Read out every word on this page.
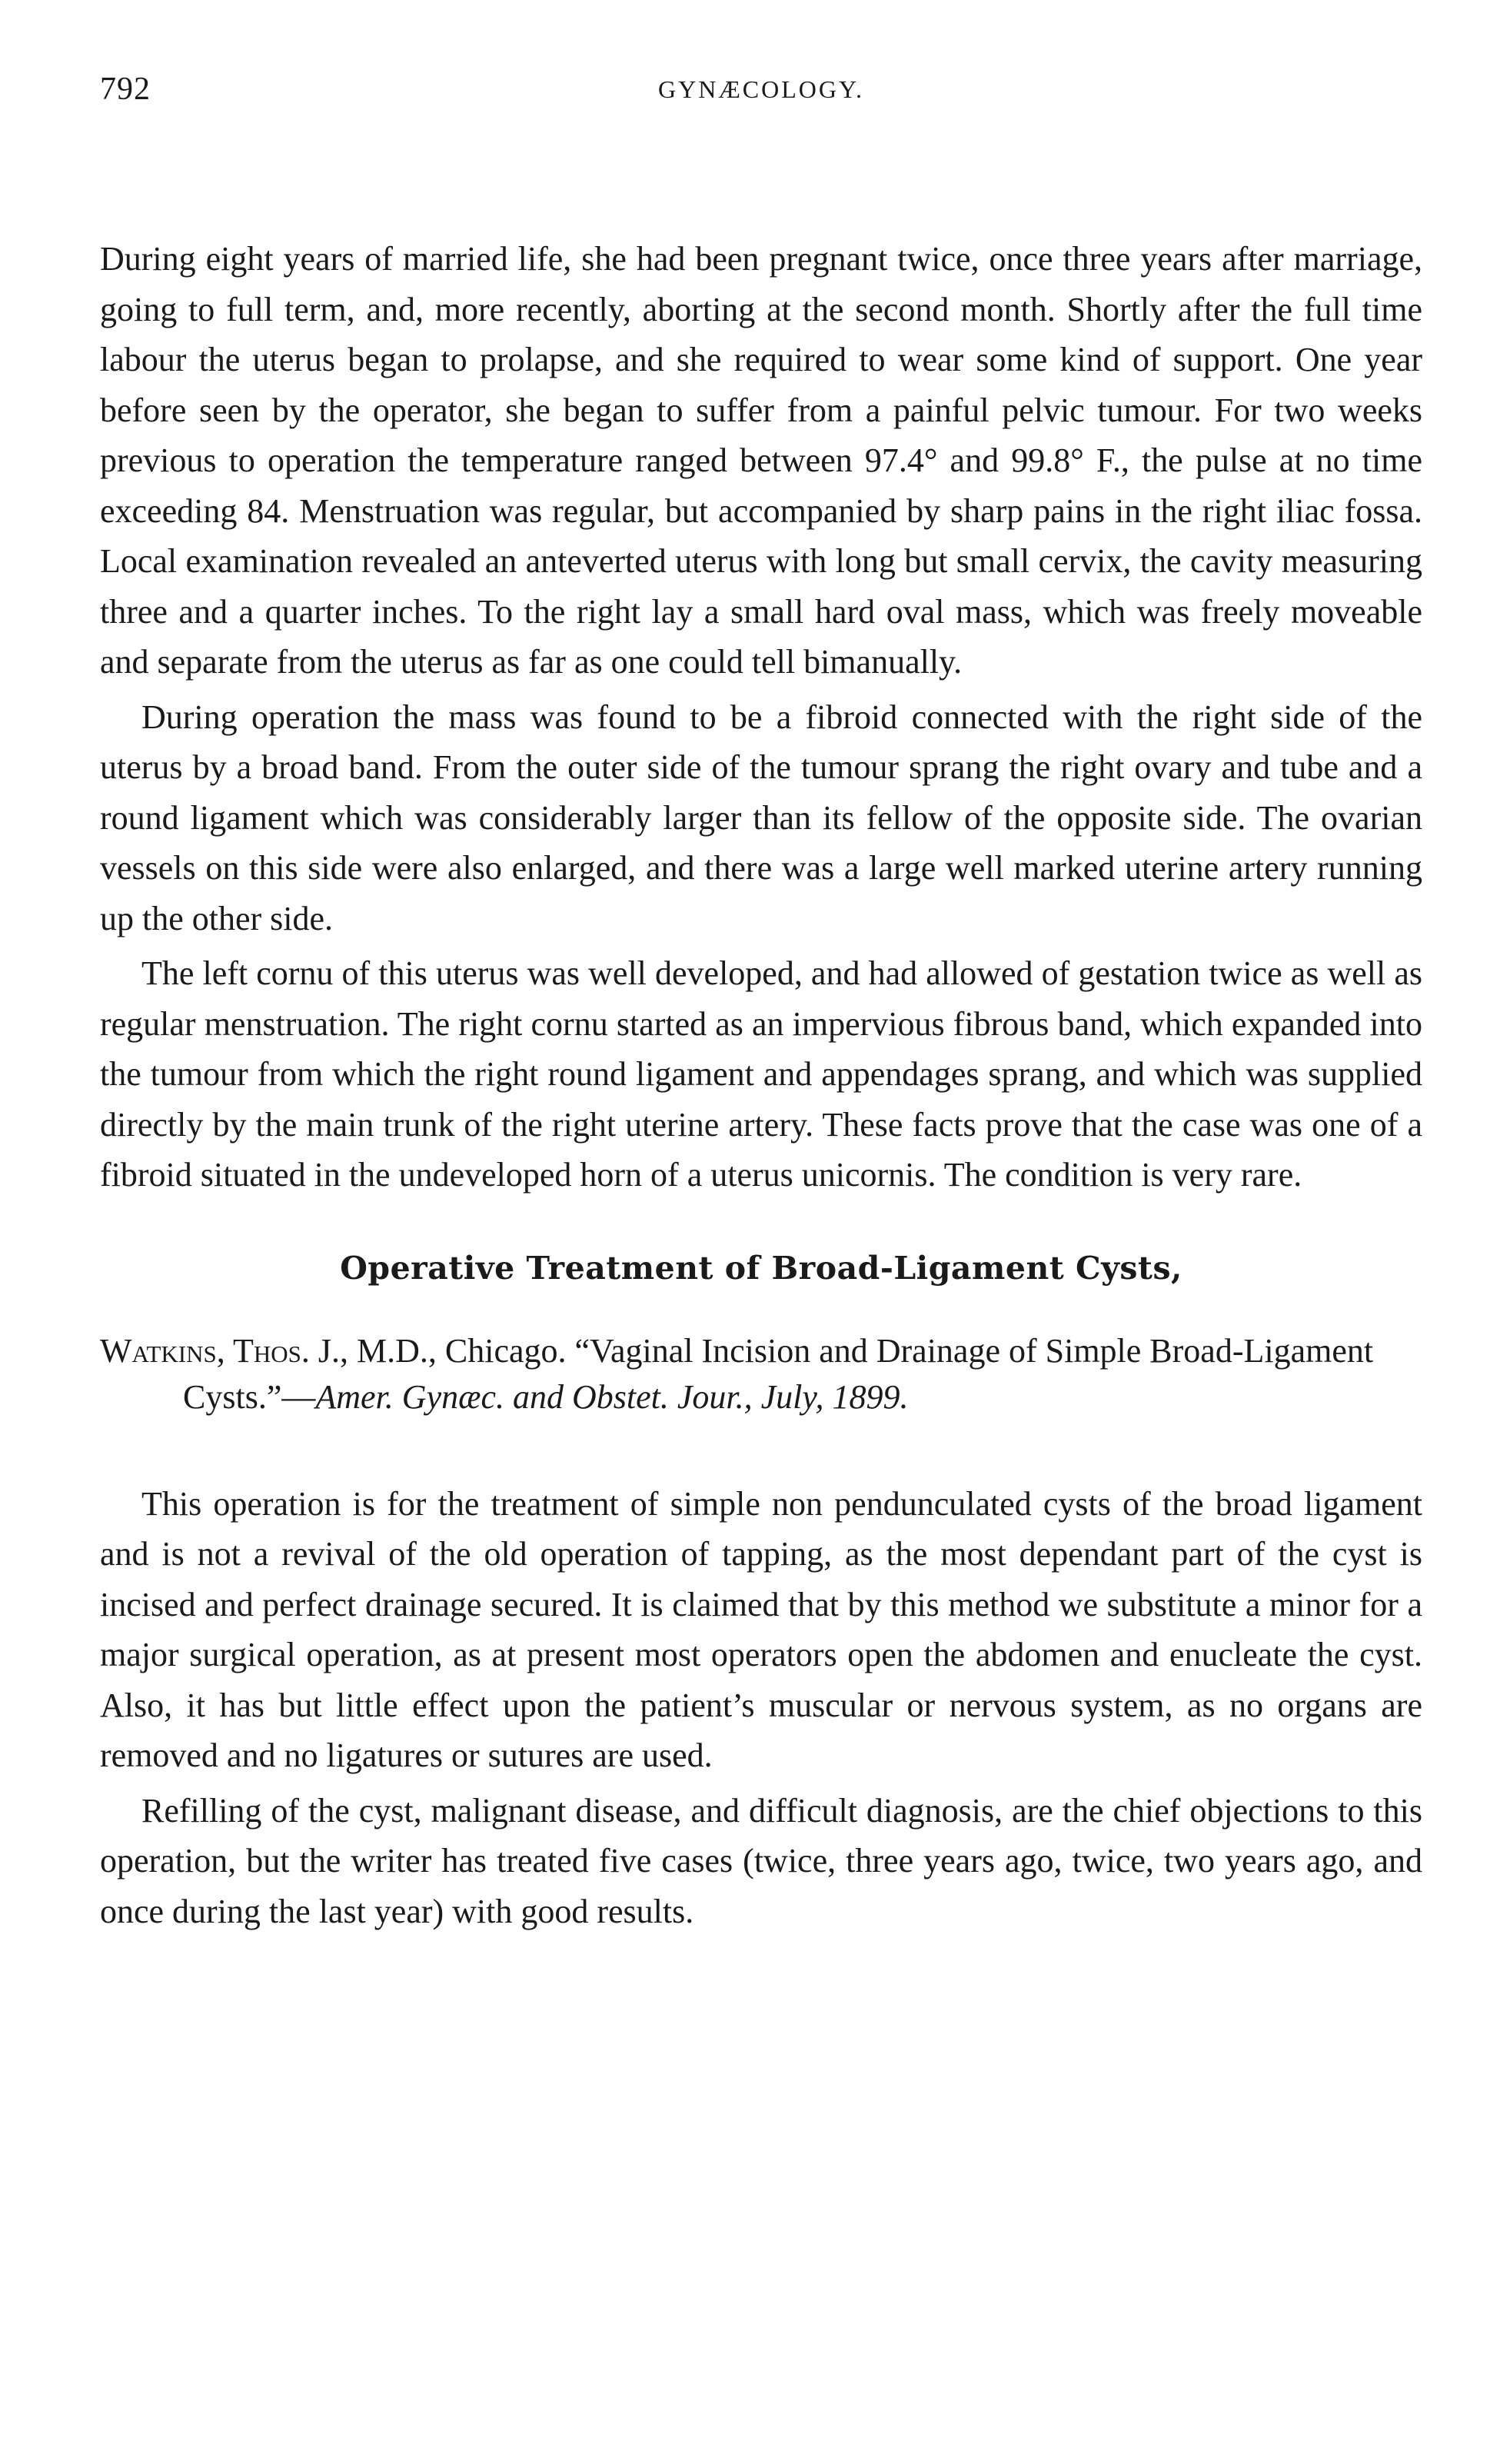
792	GYNÆCOLOGY.

During eight years of married life, she had been pregnant twice, once three years after marriage, going to full term, and, more recently, aborting at the second month. Shortly after the full time labour the uterus began to prolapse, and she required to wear some kind of support. One year before seen by the operator, she began to suffer from a painful pelvic tumour. For two weeks previous to operation the temperature ranged between 97.4° and 99.8° F., the pulse at no time exceeding 84. Menstruation was regular, but accompanied by sharp pains in the right iliac fossa. Local examination revealed an anteverted uterus with long but small cervix, the cavity measuring three and a quarter inches. To the right lay a small hard oval mass, which was freely moveable and separate from the uterus as far as one could tell bimanually.

During operation the mass was found to be a fibroid connected with the right side of the uterus by a broad band. From the outer side of the tumour sprang the right ovary and tube and a round ligament which was considerably larger than its fellow of the opposite side. The ovarian vessels on this side were also enlarged, and there was a large well marked uterine artery running up the other side.

The left cornu of this uterus was well developed, and had allowed of gestation twice as well as regular menstruation. The right cornu started as an impervious fibrous band, which expanded into the tumour from which the right round ligament and appendages sprang, and which was supplied directly by the main trunk of the right uterine artery. These facts prove that the case was one of a fibroid situated in the undeveloped horn of a uterus unicornis. The condition is very rare.

Operative Treatment of Broad-Ligament Cysts,
Watkins, Thos. J., M.D., Chicago. “Vaginal Incision and Drainage of Simple Broad-Ligament Cysts.”—Amer. Gynæc. and Obstet. Jour., July, 1899.

This operation is for the treatment of simple non pendunculated cysts of the broad ligament and is not a revival of the old operation of tapping, as the most dependant part of the cyst is incised and perfect drainage secured. It is claimed that by this method we substitute a minor for a major surgical operation, as at present most operators open the abdomen and enucleate the cyst. Also, it has but little effect upon the patient’s muscular or nervous system, as no organs are removed and no ligatures or sutures are used.

Refilling of the cyst, malignant disease, and difficult diagnosis, are the chief objections to this operation, but the writer has treated five cases (twice, three years ago, twice, two years ago, and once during the last year) with good results.
